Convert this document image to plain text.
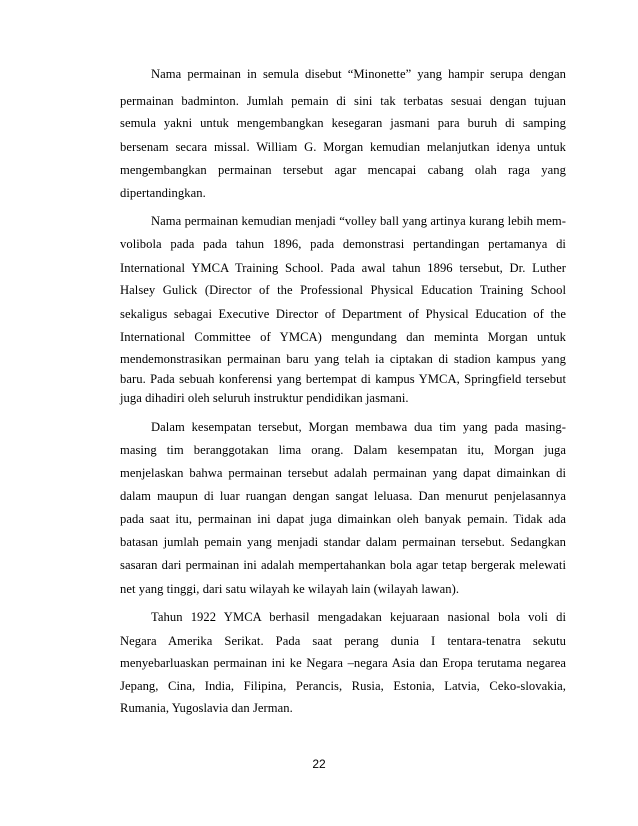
Nama permainan in semula disebut “Minonette” yang hampir serupa dengan
permainan badminton. Jumlah pemain di sini tak terbatas sesuai dengan tujuan
semula yakni untuk mengembangkan kesegaran jasmani para buruh di samping
bersenam secara missal. William G. Morgan kemudian melanjutkan idenya untuk
mengembangkan permainan tersebut agar mencapai cabang olah raga yang
dipertandingkan.
Nama permainan kemudian menjadi “volley ball yang artinya kurang lebih mem-
volibola pada pada tahun 1896, pada demonstrasi pertandingan pertamanya di
International YMCA Training School. Pada awal tahun 1896 tersebut, Dr. Luther
Halsey Gulick (Director of the Professional Physical Education Training School
sekaligus sebagai Executive Director of Department of Physical Education of the
International Committee of YMCA) mengundang dan meminta Morgan untuk
mendemonstrasikan permainan baru yang telah ia ciptakan di stadion kampus yang
baru. Pada sebuah konferensi yang bertempat di kampus YMCA, Springfield tersebut
juga dihadiri oleh seluruh instruktur pendidikan jasmani.
Dalam kesempatan tersebut, Morgan membawa dua tim yang pada masing-
masing tim beranggotakan lima orang. Dalam kesempatan itu, Morgan juga
menjelaskan bahwa permainan tersebut adalah permainan yang dapat dimainkan di
dalam maupun di luar ruangan dengan sangat leluasa. Dan menurut penjelasannya
pada saat itu, permainan ini dapat juga dimainkan oleh banyak pemain. Tidak ada
batasan jumlah pemain yang menjadi standar dalam permainan tersebut. Sedangkan
sasaran dari permainan ini adalah mempertahankan bola agar tetap bergerak melewati
net yang tinggi, dari satu wilayah ke wilayah lain (wilayah lawan).
Tahun 1922 YMCA berhasil mengadakan kejuaraan nasional bola voli di
Negara Amerika Serikat. Pada saat perang dunia I tentara-tenatra sekutu
menyebarluaskan permainan ini ke Negara –negara Asia dan Eropa terutama negarea
Jepang, Cina, India, Filipina, Perancis, Rusia, Estonia, Latvia, Ceko-slovakia,
Rumania, Yugoslavia dan Jerman.
22
